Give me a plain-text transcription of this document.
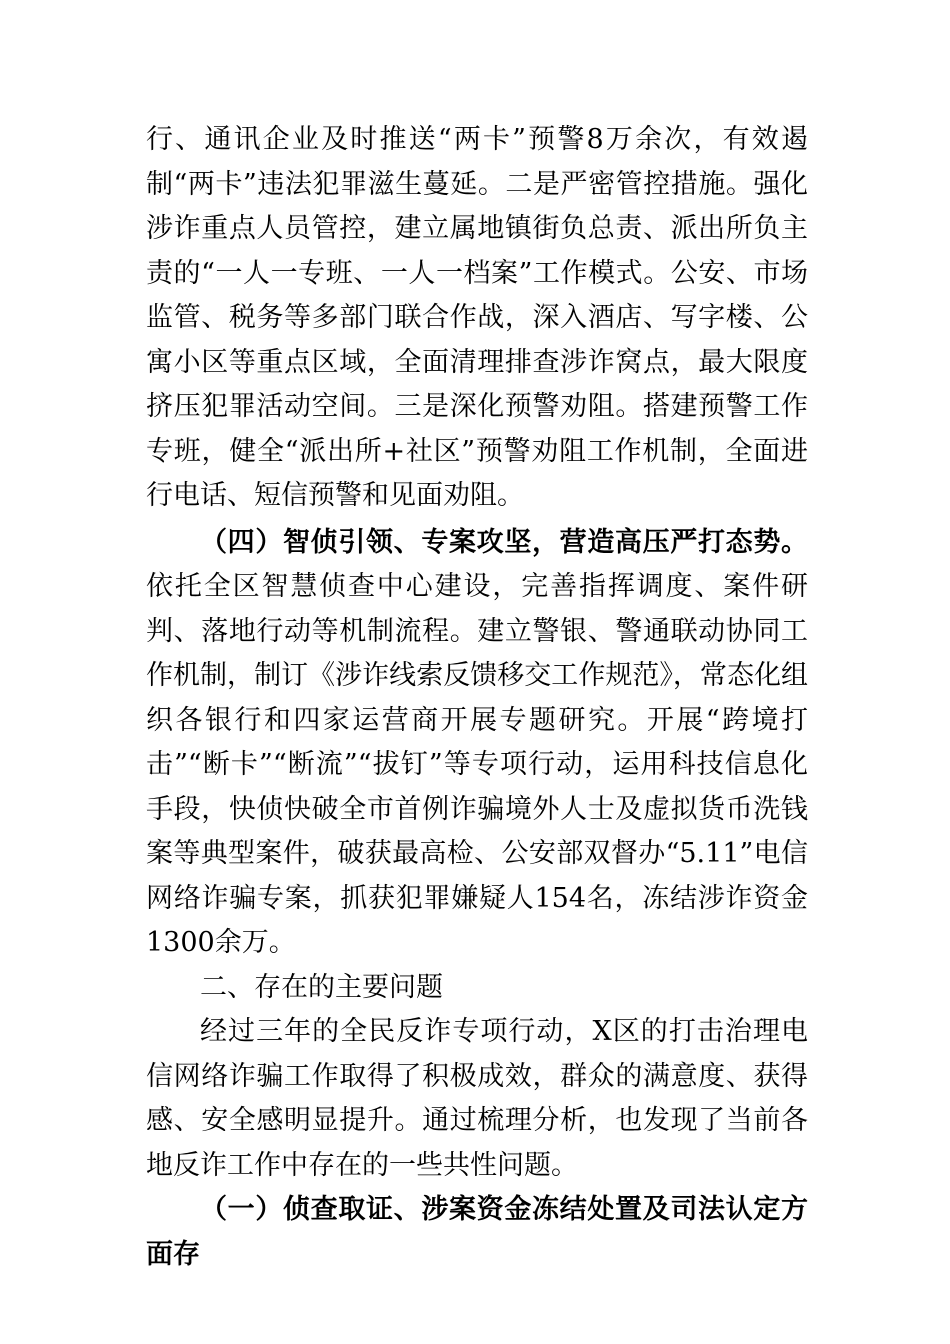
行、通讯企业及时推送“两卡”预警8万余次，有效遏制“两卡”违法犯罪滋生蔓延。二是严密管控措施。强化涉诈重点人员管控，建立属地镇街负总责、派出所负主责的“一人一专班、一人一档案”工作模式。公安、市场监管、税务等多部门联合作战，深入酒店、写字楼、公寓小区等重点区域，全面清理排查涉诈窝点，最大限度挤压犯罪活动空间。三是深化预警劝阻。搭建预警工作专班，健全“派出所+社区”预警劝阻工作机制，全面进行电话、短信预警和见面劝阻。

（四）智侦引领、专案攻坚，营造高压严打态势。依托全区智慧侦查中心建设，完善指挥调度、案件研判、落地行动等机制流程。建立警银、警通联动协同工作机制，制订《涉诈线索反馈移交工作规范》，常态化组织各银行和四家运营商开展专题研究。开展“跨境打击”“断卡”“断流”“拔钉”等专项行动，运用科技信息化手段，快侦快破全市首例诈骗境外人士及虚拟货币洗钱案等典型案件，破获最高检、公安部双督办“5.11”电信网络诈骗专案，抓获犯罪嫌疑人154名，冻结涉诈资金1300余万。

二、存在的主要问题

经过三年的全民反诈专项行动，X区的打击治理电信网络诈骗工作取得了积极成效，群众的满意度、获得感、安全感明显提升。通过梳理分析，也发现了当前各地反诈工作中存在的一些共性问题。

（一）侦查取证、涉案资金冻结处置及司法认定方面存
